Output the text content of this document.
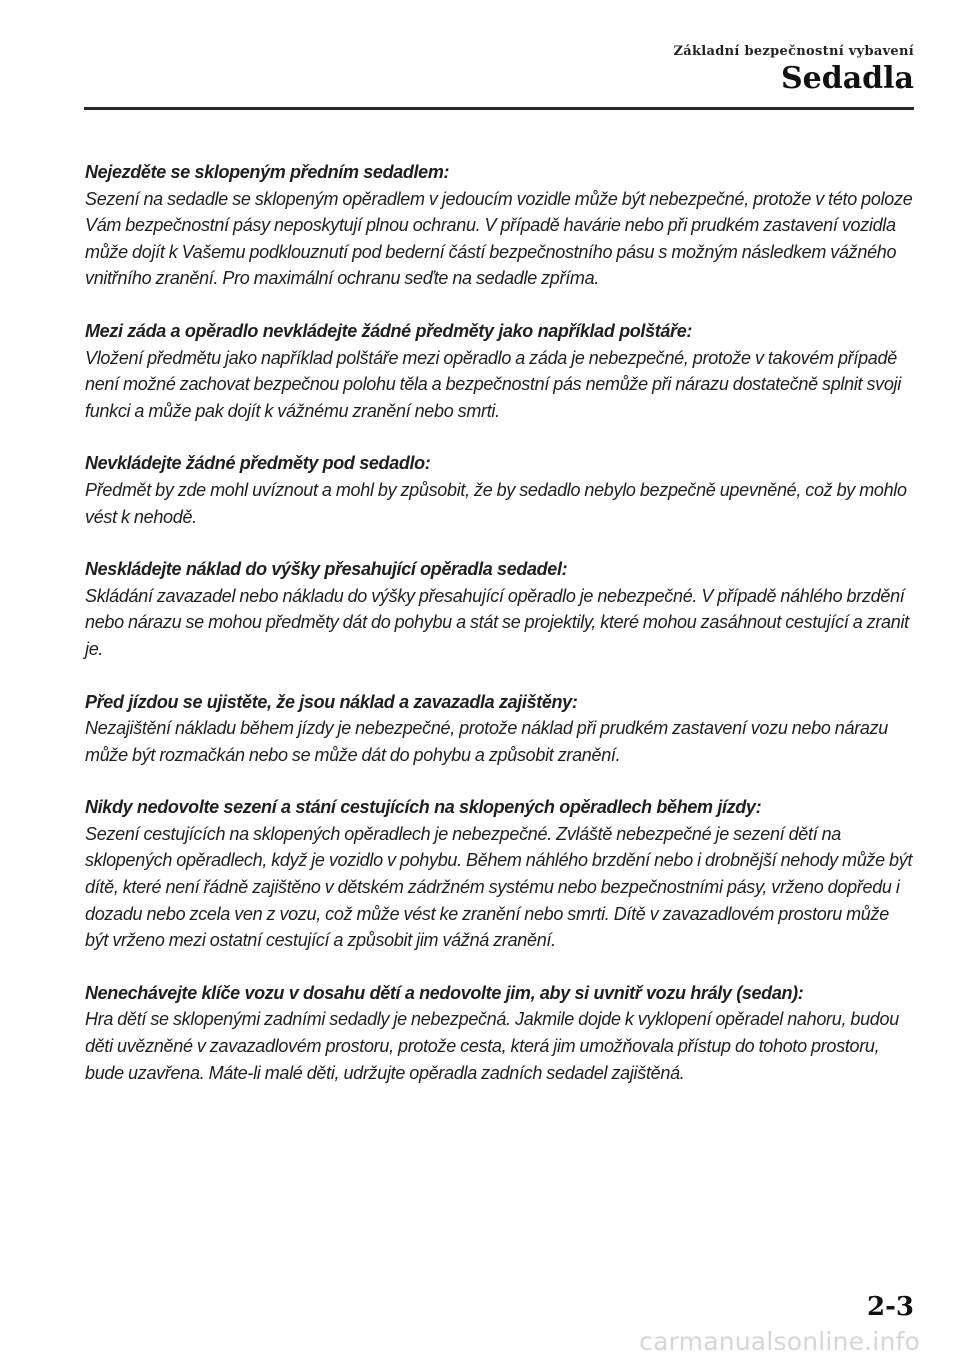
Základní bezpečnostní vybavení
Sedadla

Nejezděte se sklopeným předním sedadlem:

Sezení na sedadle se sklopeným opěradlem v jedoucím vozidle může být nebezpečné, protože v této poloze Vám bezpečnostní pásy neposkytují plnou ochranu. V případě havárie nebo při prudkém zastavení vozidla může dojít k Vašemu podklouznutí pod bederní částí bezpečnostního pásu s možným následkem vážného vnitřního zranění. Pro maximální ochranu seďte na sedadle zpříma.

Mezi záda a opěradlo nevkládejte žádné předměty jako například polštáře:

Vložení předmětu jako například polštáře mezi opěradlo a záda je nebezpečné, protože v takovém případě není možné zachovat bezpečnou polohu těla a bezpečnostní pás nemůže při nárazu dostatečně splnit svoji funkci a může pak dojít k vážnému zranění nebo smrti.

Nevkládejte žádné předměty pod sedadlo:

Předmět by zde mohl uvíznout a mohl by způsobit, že by sedadlo nebylo bezpečně upevněné, což by mohlo vést k nehodě.

Neskládejte náklad do výšky přesahující opěradla sedadel:

Skládání zavazadel nebo nákladu do výšky přesahující opěradlo je nebezpečné. V případě náhlého brzdění nebo nárazu se mohou předměty dát do pohybu a stát se projektily, které mohou zasáhnout cestující a zranit je.

Před jízdou se ujistěte, že jsou náklad a zavazadla zajištěny:

Nezajištění nákladu během jízdy je nebezpečné, protože náklad při prudkém zastavení vozu nebo nárazu může být rozmačkán nebo se může dát do pohybu a způsobit zranění.

Nikdy nedovolte sezení a stání cestujících na sklopených opěradlech během jízdy:

Sezení cestujících na sklopených opěradlech je nebezpečné. Zvláště nebezpečné je sezení dětí na sklopených opěradlech, když je vozidlo v pohybu. Během náhlého brzdění nebo i drobnější nehody může být dítě, které není řádně zajištěno v dětském zádržném systému nebo bezpečnostními pásy, vrženo dopředu i dozadu nebo zcela ven z vozu, což může vést ke zranění nebo smrti. Dítě v zavazadlovém prostoru může být vrženo mezi ostatní cestující a způsobit jim vážná zranění.

Nenechávejte klíče vozu v dosahu dětí a nedovolte jim, aby si uvnitř vozu hrály (sedan):

Hra dětí se sklopenými zadními sedadly je nebezpečná. Jakmile dojde k vyklopení opěradel nahoru, budou děti uvězněné v zavazadlovém prostoru, protože cesta, která jim umožňovala přístup do tohoto prostoru, bude uzavřena. Máte-li malé děti, udržujte opěradla zadních sedadel zajištěná.

2-3
carmanualsonline.info
